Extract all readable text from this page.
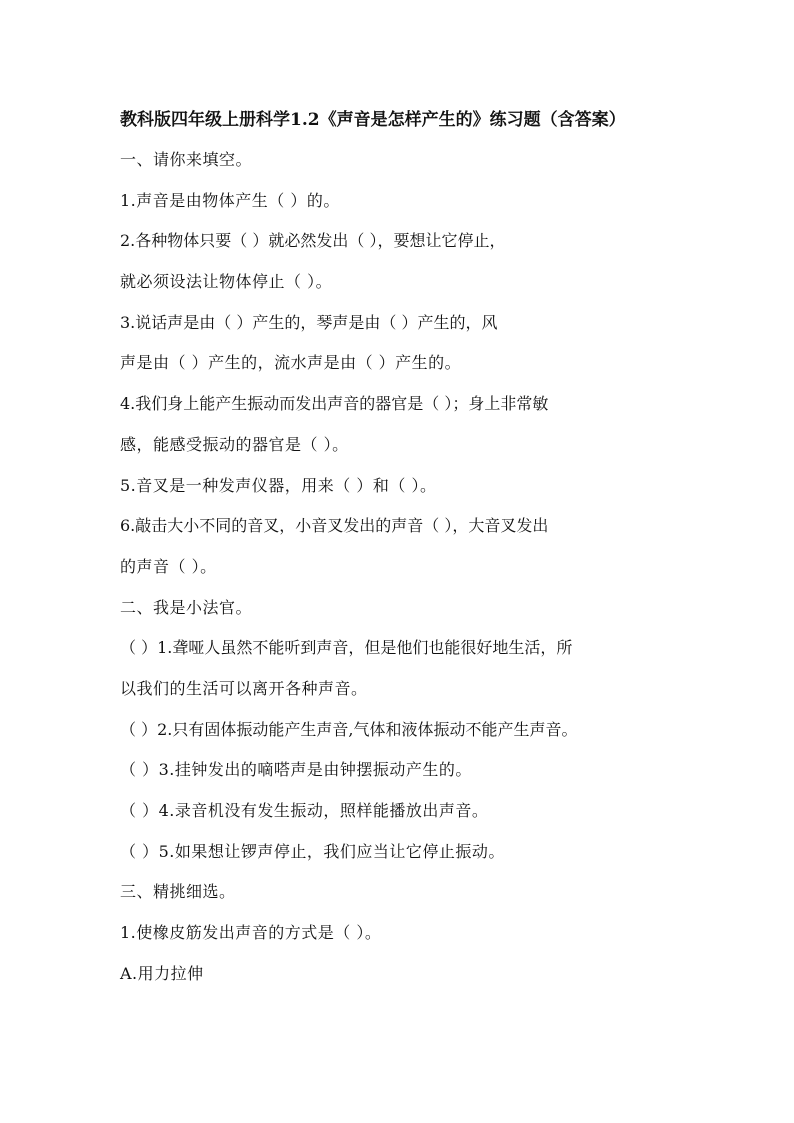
教科版四年级上册科学1.2《声音是怎样产生的》练习题（含答案）
一、请你来填空。
1.声音是由物体产生（ ）的。
2.各种物体只要（ ）就必然发出（ ），要想让它停止，
就必须设法让物体停止（ ）。
3.说话声是由（ ）产生的，琴声是由（ ）产生的，风
声是由（ ）产生的，流水声是由（ ）产生的。
4.我们身上能产生振动而发出声音的器官是（ ）；身上非常敏
感，能感受振动的器官是（ ）。
5.音叉是一种发声仪器，用来（ ）和（ ）。
6.敲击大小不同的音叉，小音叉发出的声音（ ），大音叉发出
的声音（ ）。
二、我是小法官。
（ ）1.聋哑人虽然不能听到声音，但是他们也能很好地生活，所
以我们的生活可以离开各种声音。
（ ）2.只有固体振动能产生声音,气体和液体振动不能产生声音。
（ ）3.挂钟发出的嘀嗒声是由钟摆振动产生的。
（ ）4.录音机没有发生振动，照样能播放出声音。
（ ）5.如果想让锣声停止，我们应当让它停止振动。
三、精挑细选。
1.使橡皮筋发出声音的方式是（ ）。
A.用力拉伸
